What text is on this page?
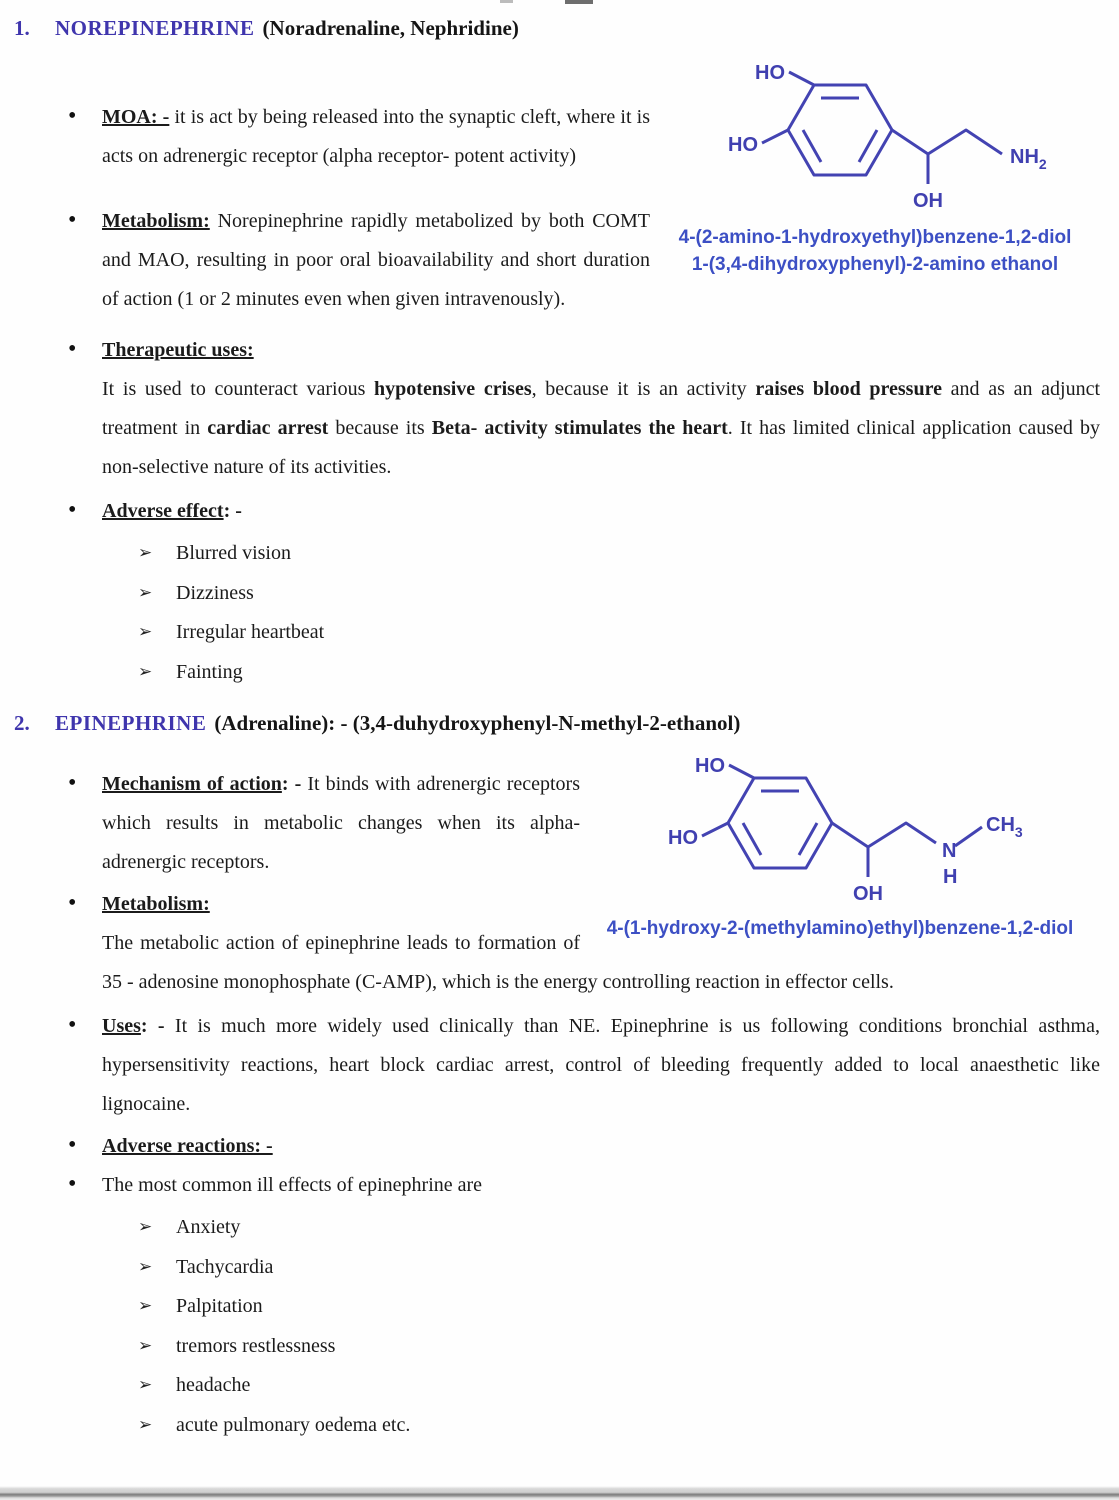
1.	NOREPINEPHRINE (Noradrenaline, Nephridine)
HO
HO
OH
$NH_2$
4-(2-amino-1-hydroxyethyl)benzene-1,2-diol
1-(3,4-dihydroxyphenyl)-2-amino ethanol
• MOA: - it is act by being released into the synaptic cleft, where it is acts on adrenergic receptor (alpha receptor- potent activity)
• Metabolism: Norepinephrine rapidly metabolized by both COMT and MAO, resulting in poor oral bioavailability and short duration of action (1 or 2 minutes even when given intravenously).
• Therapeutic uses:
It is used to counteract various hypotensive crises, because it is an activity raises blood pressure and as an adjunct treatment in cardiac arrest because its Beta- activity stimulates the heart. It has limited clinical application caused by non-selective nature of its activities.
• Adverse effect: -
➢ Blurred vision
➢ Dizziness
➢ Irregular heartbeat
➢ Fainting
2.	EPINEPHRINE (Adrenaline): - (3,4-duhydroxyphenyl-N-methyl-2-ethanol)
HO
HO
OH
N
H
$CH_3$
4-(1-hydroxy-2-(methylamino)ethyl)benzene-1,2-diol
• Mechanism of action: - It binds with adrenergic receptors which results in metabolic changes when its alpha-adrenergic receptors.
• Metabolism:
The metabolic action of epinephrine leads to formation of 35 - adenosine monophosphate (C-AMP), which is the energy controlling reaction in effector cells.
• Uses: - It is much more widely used clinically than NE. Epinephrine is us following conditions bronchial asthma, hypersensitivity reactions, heart block cardiac arrest, control of bleeding frequently added to local anaesthetic like lignocaine.
• Adverse reactions: -
• The most common ill effects of epinephrine are
➢ Anxiety
➢ Tachycardia
➢ Palpitation
➢ tremors restlessness
➢ headache
➢ acute pulmonary oedema etc.
